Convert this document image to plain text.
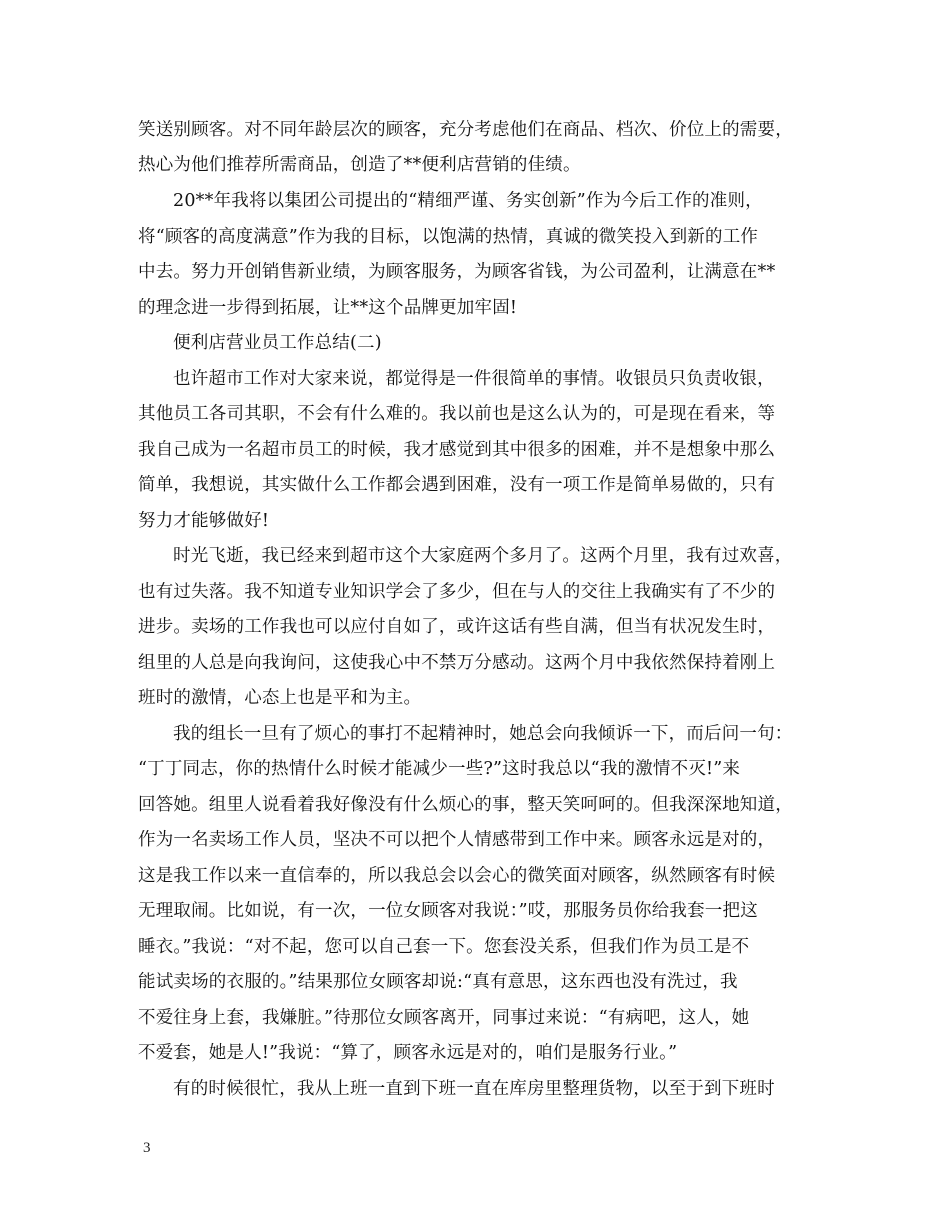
笑送别顾客。对不同年龄层次的顾客，充分考虑他们在商品、档次、价位上的需要，
热心为他们推荐所需商品，创造了**便利店营销的佳绩。
20**年我将以集团公司提出的“精细严谨、务实创新”作为今后工作的准则，
将“顾客的高度满意”作为我的目标，以饱满的热情，真诚的微笑投入到新的工作
中去。努力开创销售新业绩，为顾客服务，为顾客省钱，为公司盈利，让满意在**
的理念进一步得到拓展，让**这个品牌更加牢固!
便利店营业员工作总结(二)
也许超市工作对大家来说，都觉得是一件很简单的事情。收银员只负责收银，
其他员工各司其职，不会有什么难的。我以前也是这么认为的，可是现在看来，等
我自己成为一名超市员工的时候，我才感觉到其中很多的困难，并不是想象中那么
简单，我想说，其实做什么工作都会遇到困难，没有一项工作是简单易做的，只有
努力才能够做好!
时光飞逝，我已经来到超市这个大家庭两个多月了。这两个月里，我有过欢喜，
也有过失落。我不知道专业知识学会了多少，但在与人的交往上我确实有了不少的
进步。卖场的工作我也可以应付自如了，或许这话有些自满，但当有状况发生时，
组里的人总是向我询问，这使我心中不禁万分感动。这两个月中我依然保持着刚上
班时的激情，心态上也是平和为主。
我的组长一旦有了烦心的事打不起精神时，她总会向我倾诉一下，而后问一句：
“丁丁同志，你的热情什么时候才能减少一些?”这时我总以“我的激情不灭!”来
回答她。组里人说看着我好像没有什么烦心的事，整天笑呵呵的。但我深深地知道，
作为一名卖场工作人员，坚决不可以把个人情感带到工作中来。顾客永远是对的，
这是我工作以来一直信奉的，所以我总会以会心的微笑面对顾客，纵然顾客有时候
无理取闹。比如说，有一次，一位女顾客对我说：”哎，那服务员你给我套一把这
睡衣。”我说：“对不起，您可以自己套一下。您套没关系，但我们作为员工是不
能试卖场的衣服的。”结果那位女顾客却说:“真有意思，这东西也没有洗过，我
不爱往身上套，我嫌脏。”待那位女顾客离开，同事过来说：“有病吧，这人，她
不爱套，她是人!”我说：“算了，顾客永远是对的，咱们是服务行业。”
有的时候很忙，我从上班一直到下班一直在库房里整理货物，以至于到下班时
3
